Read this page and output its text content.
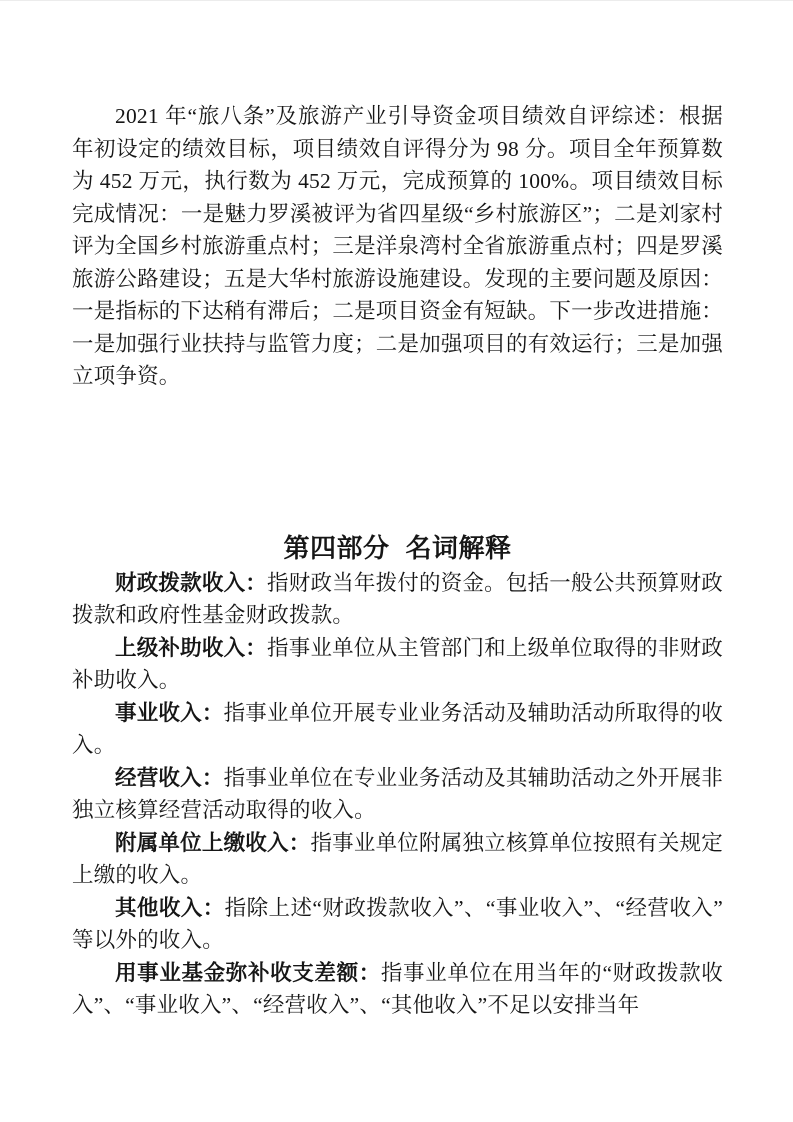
2021 年“旅八条”及旅游产业引导资金项目绩效自评综述：根据年初设定的绩效目标，项目绩效自评得分为 98 分。项目全年预算数为 452 万元，执行数为 452 万元，完成预算的 100%。项目绩效目标完成情况：一是魅力罗溪被评为省四星级“乡村旅游区”；二是刘家村评为全国乡村旅游重点村；三是洋泉湾村全省旅游重点村；四是罗溪旅游公路建设；五是大华村旅游设施建设。发现的主要问题及原因：一是指标的下达稍有滞后；二是项目资金有短缺。下一步改进措施：一是加强行业扶持与监管力度；二是加强项目的有效运行；三是加强立项争资。

第四部分 名词解释

财政拨款收入：指财政当年拨付的资金。包括一般公共预算财政拨款和政府性基金财政拨款。

上级补助收入：指事业单位从主管部门和上级单位取得的非财政补助收入。

事业收入：指事业单位开展专业业务活动及辅助活动所取得的收入。

经营收入：指事业单位在专业业务活动及其辅助活动之外开展非独立核算经营活动取得的收入。

附属单位上缴收入：指事业单位附属独立核算单位按照有关规定上缴的收入。

其他收入：指除上述“财政拨款收入”、“事业收入”、“经营收入”等以外的收入。

用事业基金弥补收支差额：指事业单位在用当年的“财政拨款收入”、“事业收入”、“经营收入”、“其他收入”不足以安排当年
